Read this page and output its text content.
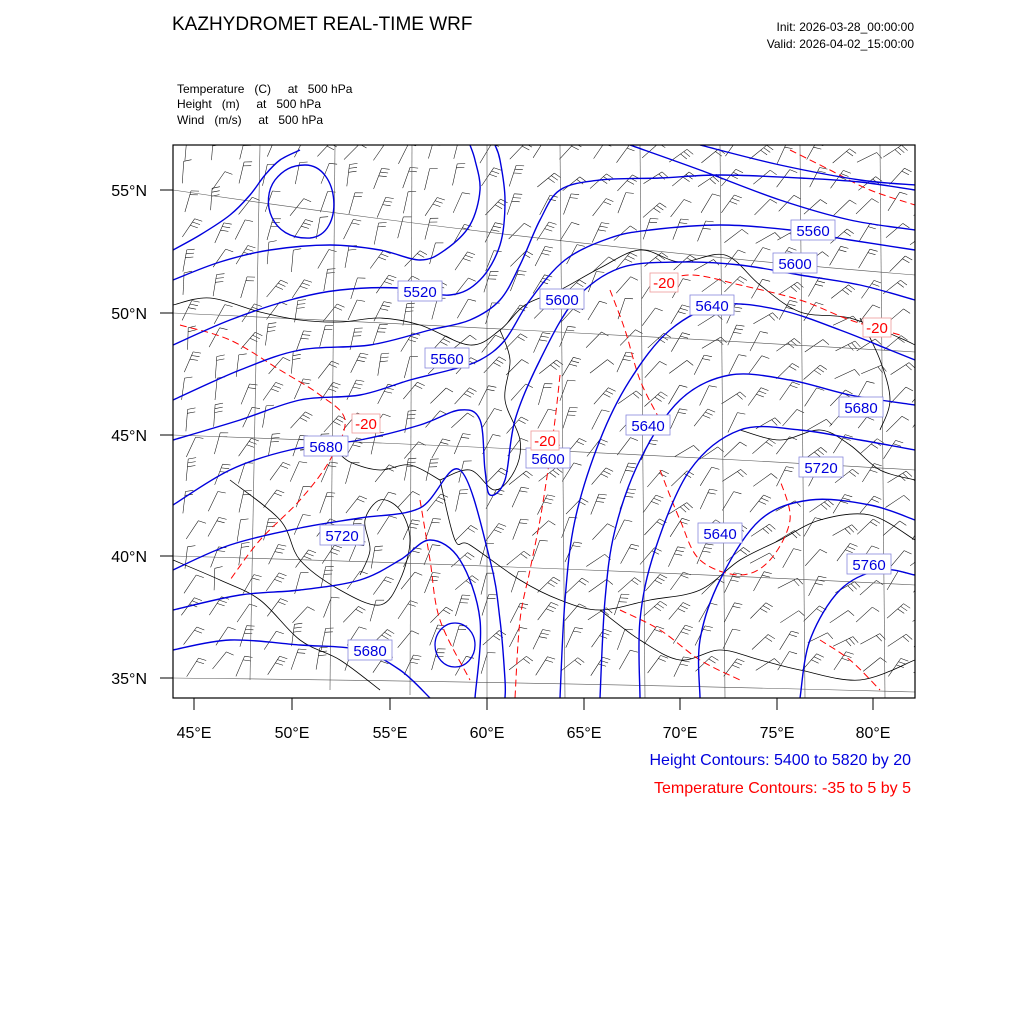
KAZHYDROMET REAL-TIME WRF	Init: 2026-03-28_00:00:00
Valid: 2026-04-02_15:00:00
Temperature   (C)     at   500 hPa
Height   (m)     at   500 hPa
Wind   (m/s)     at   500 hPa
55°N
50°N
45°N
40°N
35°N
45°E	50°E	55°E	60°E	65°E	70°E	75°E	80°E
5560
5600
5520	5600	5640
5560
5680
5640
5600
5680
5720
5640
5720
5760
5680
-20
-20
-20
-20
Height Contours: 5400 to 5820 by 20
Temperature Contours: -35 to 5 by 5
